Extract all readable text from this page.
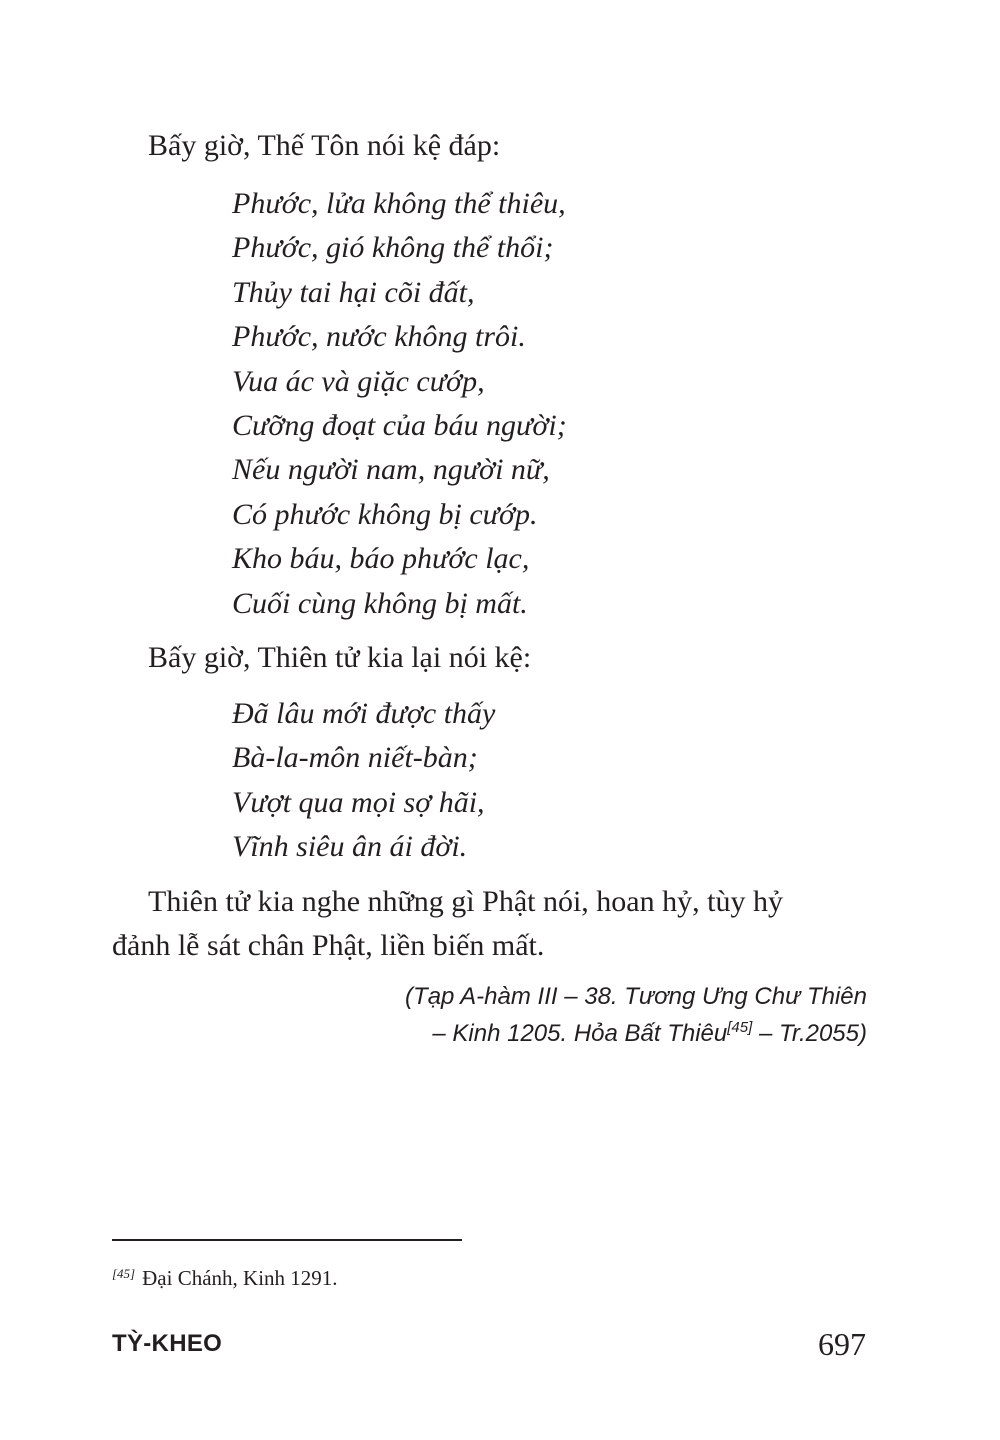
Bấy giờ, Thế Tôn nói kệ đáp:

Phước, lửa không thể thiêu,
Phước, gió không thể thổi;
Thủy tai hại cõi đất,
Phước, nước không trôi.
Vua ác và giặc cướp,
Cưỡng đoạt của báu người;
Nếu người nam, người nữ,
Có phước không bị cướp.
Kho báu, báo phước lạc,
Cuối cùng không bị mất.

Bấy giờ, Thiên tử kia lại nói kệ:

Đã lâu mới được thấy
Bà-la-môn niết-bàn;
Vượt qua mọi sợ hãi,
Vĩnh siêu ân ái đời.

Thiên tử kia nghe những gì Phật nói, hoan hỷ, tùy hỷ
đảnh lễ sát chân Phật, liền biến mất.

(Tạp A-hàm III – 38. Tương Ưng Chư Thiên
– Kinh 1205. Hỏa Bất Thiêu[45] – Tr.2055)

[45] Đại Chánh, Kinh 1291.

TỲ-KHEO	697
